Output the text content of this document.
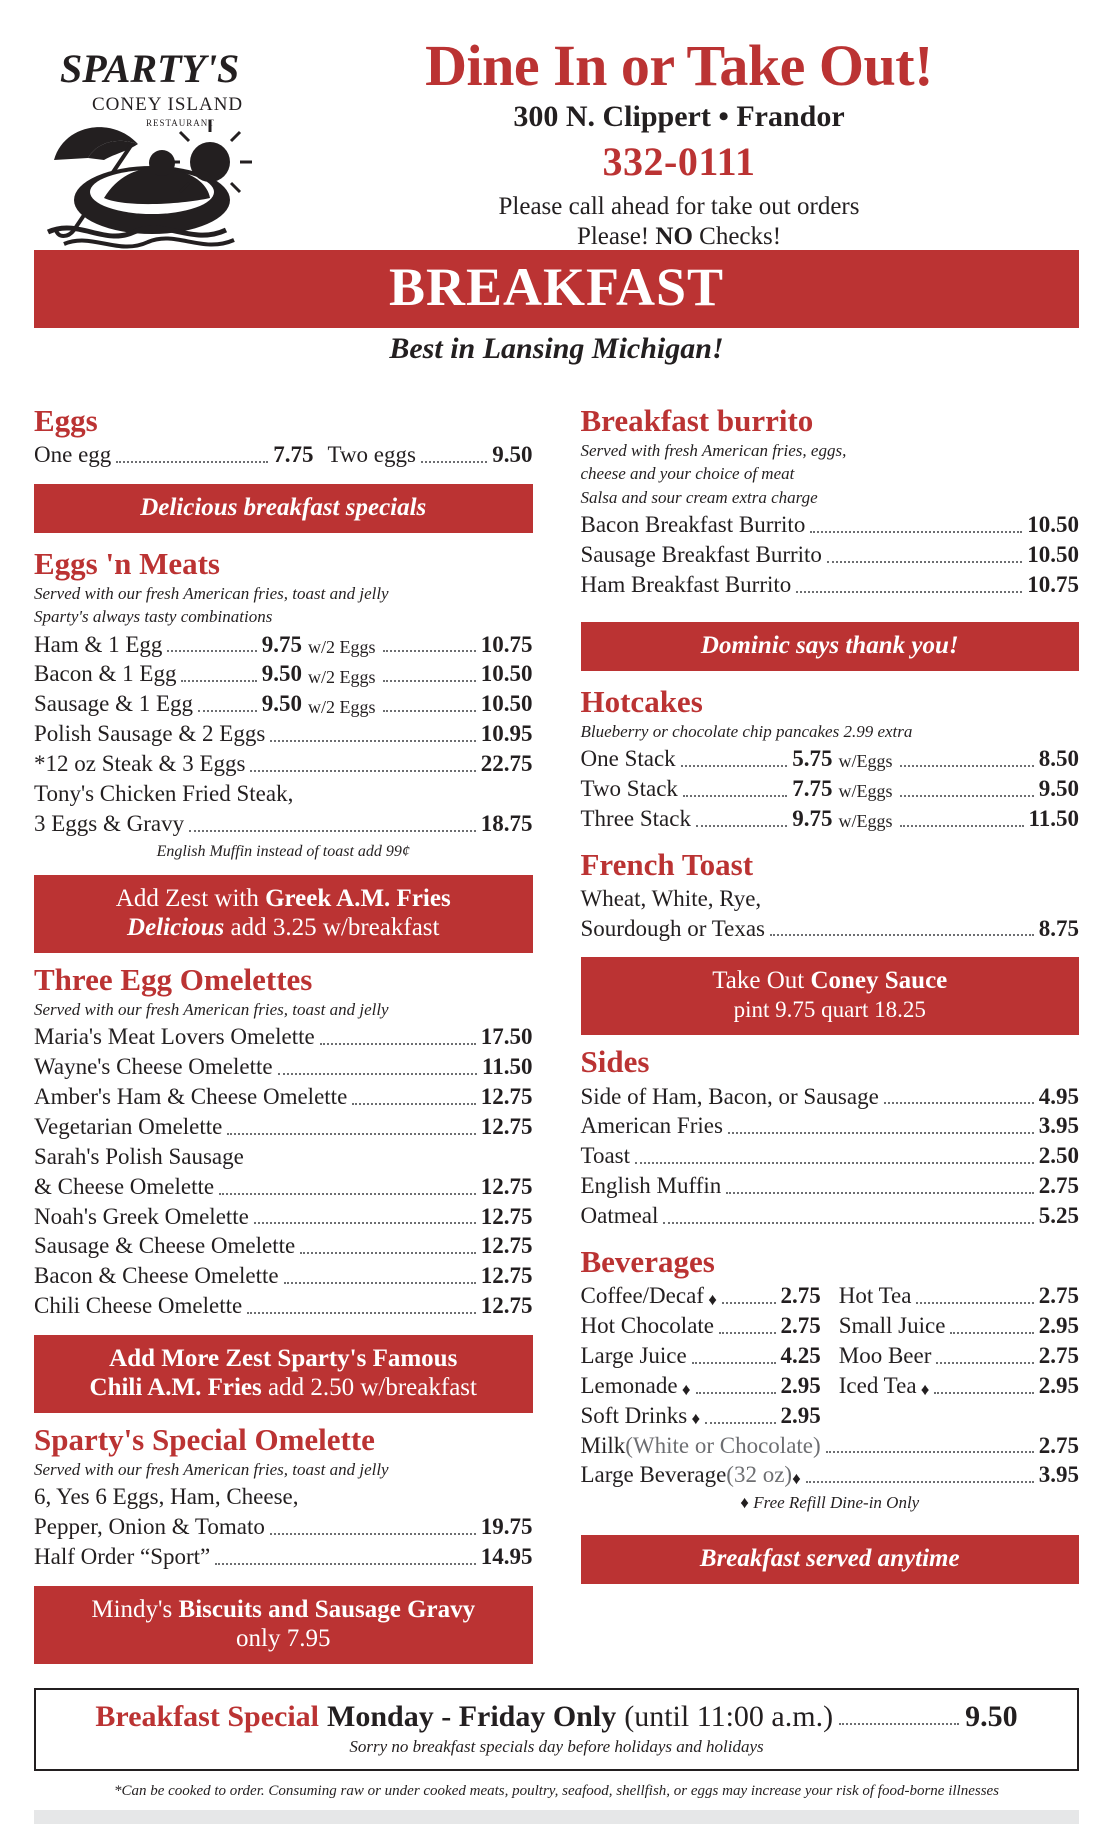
SPARTY'S
CONEY ISLAND
RESTAURANT
Dine In or Take Out!
300 N. Clippert • Frandor
332-0111
Please call ahead for take out orders
Please! NO Checks!
BREAKFAST
Best in Lansing Michigan!
Eggs
One egg	7.75 Two eggs	9.50
Delicious breakfast specials
Eggs 'n Meats
Served with our fresh American fries, toast and jelly
Sparty's always tasty combinations
Ham & 1 Egg	9.75 w/2 Eggs	10.75
Bacon & 1 Egg	9.50 w/2 Eggs	10.50
Sausage & 1 Egg	9.50 w/2 Eggs	10.50
Polish Sausage & 2 Eggs	10.95
*12 oz Steak & 3 Eggs	22.75
Tony's Chicken Fried Steak,
3 Eggs & Gravy	18.75
English Muffin instead of toast add 99¢
Add Zest with Greek A.M. Fries
Delicious add 3.25 w/breakfast
Three Egg Omelettes
Served with our fresh American fries, toast and jelly
Maria's Meat Lovers Omelette	17.50
Wayne's Cheese Omelette	11.50
Amber's Ham & Cheese Omelette	12.75
Vegetarian Omelette	12.75
Sarah's Polish Sausage
& Cheese Omelette	12.75
Noah's Greek Omelette	12.75
Sausage & Cheese Omelette	12.75
Bacon & Cheese Omelette	12.75
Chili Cheese Omelette	12.75
Add More Zest Sparty's Famous
Chili A.M. Fries add 2.50 w/breakfast
Sparty's Special Omelette
Served with our fresh American fries, toast and jelly
6, Yes 6 Eggs, Ham, Cheese,
Pepper, Onion & Tomato	19.75
Half Order “Sport”	14.95
Mindy's Biscuits and Sausage Gravy
only 7.95
Breakfast burrito
Served with fresh American fries, eggs,
cheese and your choice of meat
Salsa and sour cream extra charge
Bacon Breakfast Burrito	10.50
Sausage Breakfast Burrito	10.50
Ham Breakfast Burrito	10.75
Dominic says thank you!
Hotcakes
Blueberry or chocolate chip pancakes 2.99 extra
One Stack	5.75 w/Eggs	8.50
Two Stack	7.75 w/Eggs	9.50
Three Stack	9.75 w/Eggs	11.50
French Toast
Wheat, White, Rye,
Sourdough or Texas	8.75
Take Out Coney Sauce
pint 9.75 quart 18.25
Sides
Side of Ham, Bacon, or Sausage	4.95
American Fries	3.95
Toast	2.50
English Muffin	2.75
Oatmeal	5.25
Beverages
Coffee/Decaf ♦	2.75
Hot Chocolate	2.75
Large Juice	4.25
Lemonade ♦	2.95
Soft Drinks ♦	2.95
Hot Tea	2.75
Small Juice	2.95
Moo Beer	2.75
Iced Tea ♦	2.95
Milk (White or Chocolate)	2.75
Large Beverage (32 oz) ♦	3.95
♦ Free Refill Dine-in Only
Breakfast served anytime
Breakfast Special Monday - Friday Only (until 11:00 a.m.)	9.50
Sorry no breakfast specials day before holidays and holidays
*Can be cooked to order. Consuming raw or under cooked meats, poultry, seafood, shellfish, or eggs may increase your risk of food-borne illnesses
